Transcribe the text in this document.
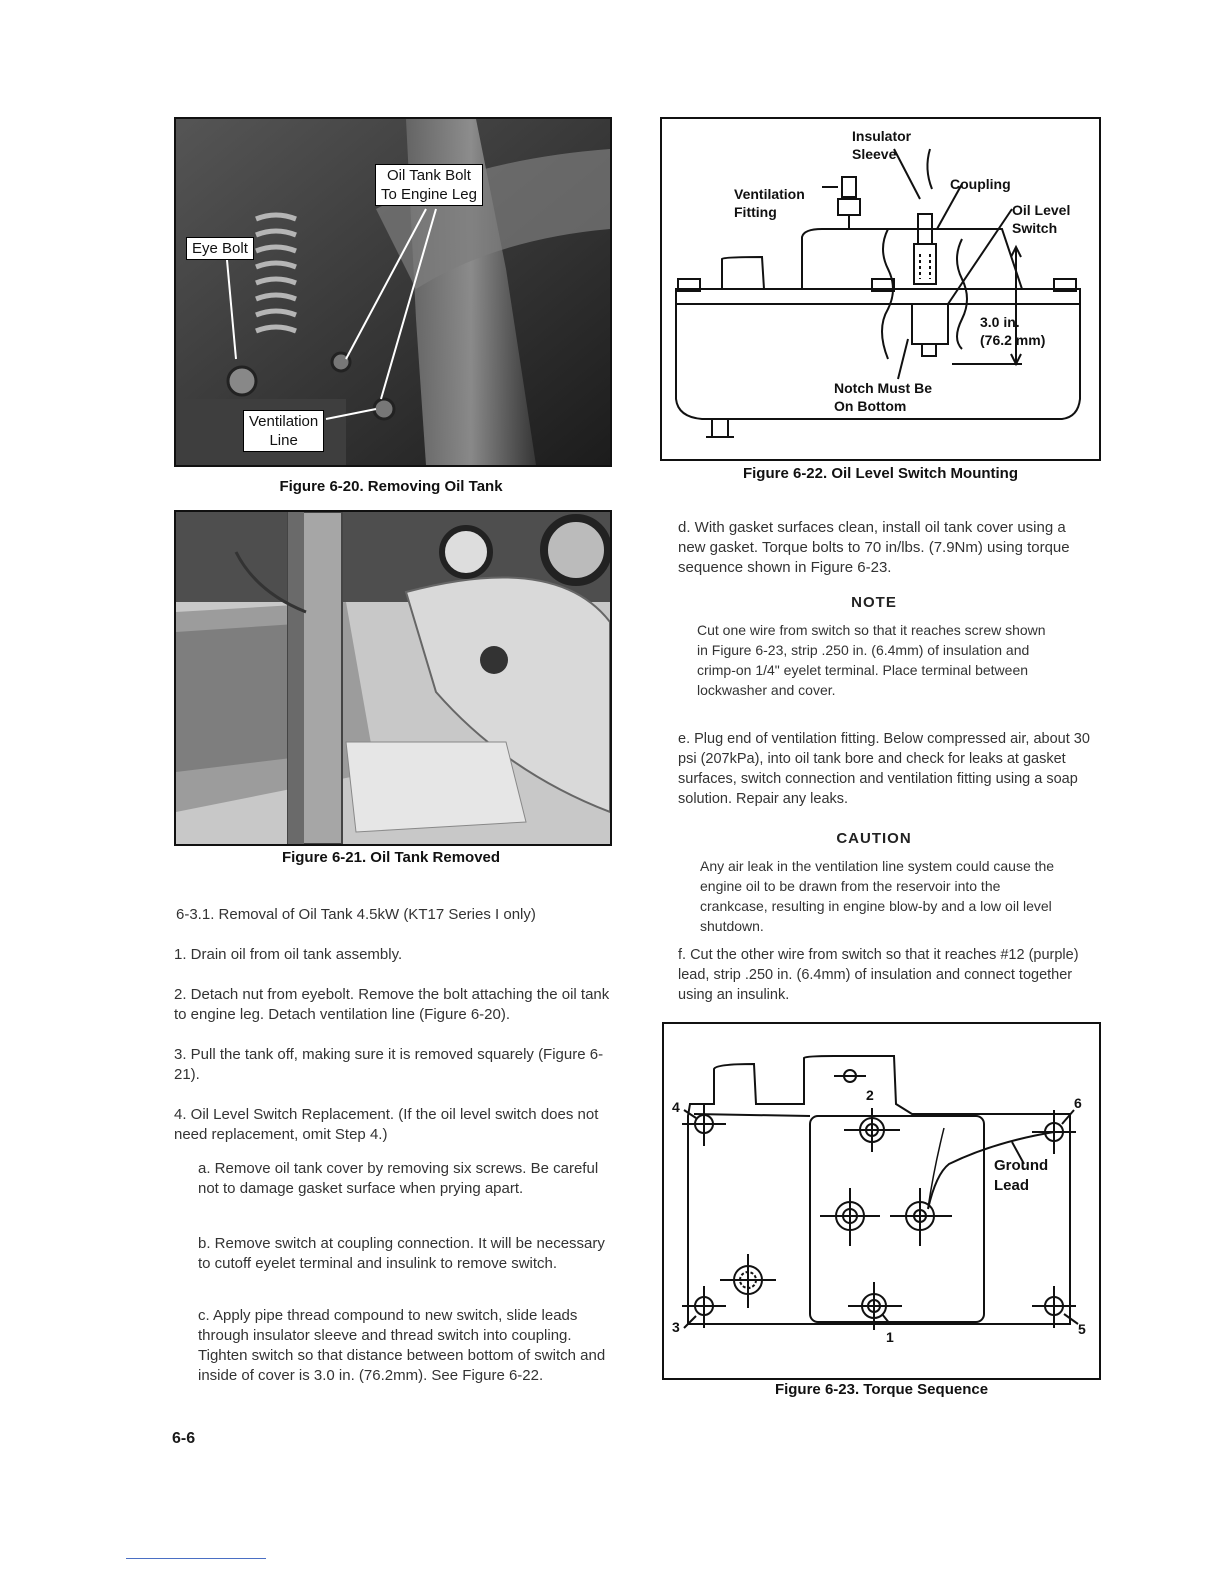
Oil Tank Bolt
To Engine Leg
Eye Bolt
Ventilation
Line
Figure 6-20. Removing Oil Tank
Figure 6-21. Oil Tank Removed
Insulator
Sleeve
Coupling
Ventilation
Fitting	Oil Level
Switch
3.0 in.
(76.2 mm)
Notch Must Be
On Bottom
Figure 6-22. Oil Level Switch Mounting

d. With gasket surfaces clean, install oil tank cover using a new gasket. Torque bolts to 70 in/lbs. (7.9Nm) using torque sequence shown in Figure 6-23.

NOTE

Cut one wire from switch so that it reaches screw shown in Figure 6-23, strip .250 in. (6.4mm) of insulation and crimp-on 1/4" eyelet terminal. Place terminal between lockwasher and cover.

e. Plug end of ventilation fitting. Below compressed air, about 30 psi (207kPa), into oil tank bore and check for leaks at gasket surfaces, switch connection and ventilation fitting using a soap solution. Repair any leaks.

CAUTION

Any air leak in the ventilation line system could cause the engine oil to be drawn from the reservoir into the crankcase, resulting in engine blow-by and a low oil level shutdown.

f. Cut the other wire from switch so that it reaches #12 (purple) lead, strip .250 in. (6.4mm) of insulation and connect together using an insulink.

1
2
3
4
5
6
Ground
Lead
Figure 6-23. Torque Sequence

6-3.1. Removal of Oil Tank 4.5kW (KT17 Series I only)

1. Drain oil from oil tank assembly.

2. Detach nut from eyebolt. Remove the bolt attaching the oil tank to engine leg. Detach ventilation line (Figure 6-20).

3. Pull the tank off, making sure it is removed squarely (Figure 6-21).

4. Oil Level Switch Replacement. (If the oil level switch does not need replacement, omit Step 4.)

a. Remove oil tank cover by removing six screws. Be careful not to damage gasket surface when prying apart.

b. Remove switch at coupling connection. It will be necessary to cutoff eyelet terminal and insulink to remove switch.

c. Apply pipe thread compound to new switch, slide leads through insulator sleeve and thread switch into coupling. Tighten switch so that distance between bottom of switch and inside of cover is 3.0 in. (76.2mm). See Figure 6-22.

6-6
